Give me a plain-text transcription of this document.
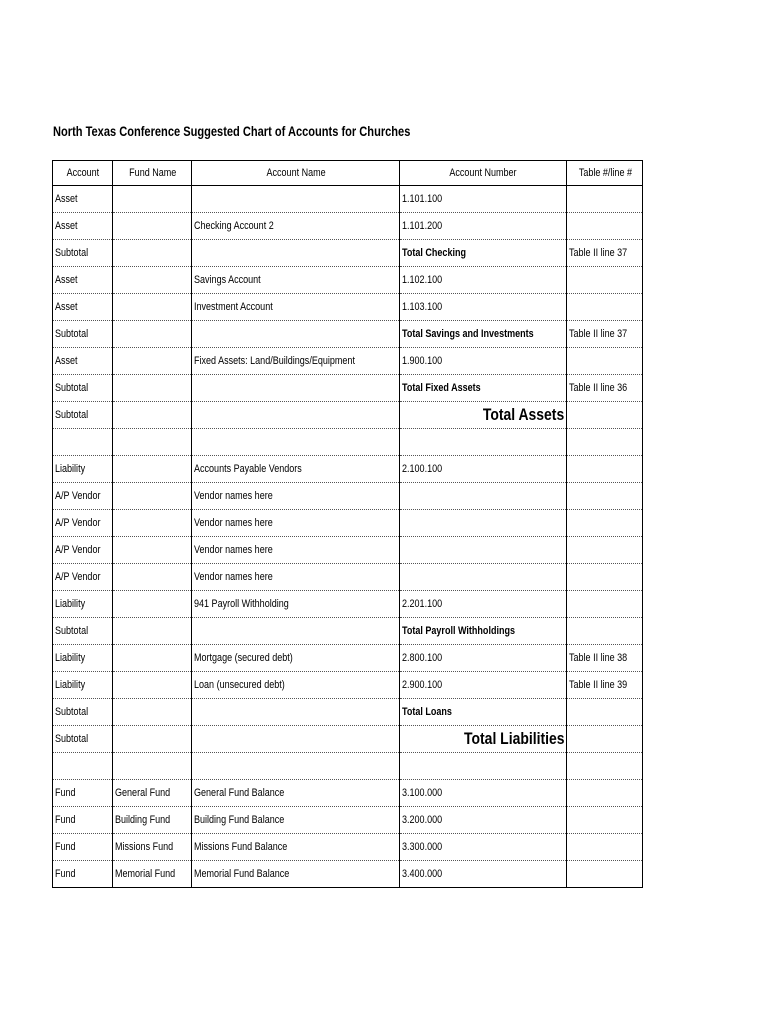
North Texas Conference Suggested Chart of Accounts for Churches
Account	Fund Name	Account Name	Account Number	Table #/line #
Asset			1.101.100	
Asset		Checking Account 2	1.101.200	
Subtotal			Total Checking	Table II line 37
Asset		Savings Account	1.102.100	
Asset		Investment Account	1.103.100	
Subtotal			Total Savings and Investments	Table II line 37
Asset		Fixed Assets: Land/Buildings/Equipment	1.900.100	
Subtotal			Total Fixed Assets	Table II line 36
Subtotal			Total Assets	

Liability		Accounts Payable Vendors	2.100.100	
A/P Vendor		Vendor names here		
A/P Vendor		Vendor names here		
A/P Vendor		Vendor names here		
A/P Vendor		Vendor names here		
Liability		941 Payroll Withholding	2.201.100	
Subtotal			Total Payroll Withholdings	
Liability		Mortgage (secured debt)	2.800.100	Table II line 38
Liability		Loan (unsecured debt)	2.900.100	Table II line 39
Subtotal			Total Loans	
Subtotal			Total Liabilities	

Fund	General Fund	General Fund Balance	3.100.000	
Fund	Building Fund	Building Fund Balance	3.200.000	
Fund	Missions Fund	Missions Fund Balance	3.300.000	
Fund	Memorial Fund	Memorial Fund Balance	3.400.000	
